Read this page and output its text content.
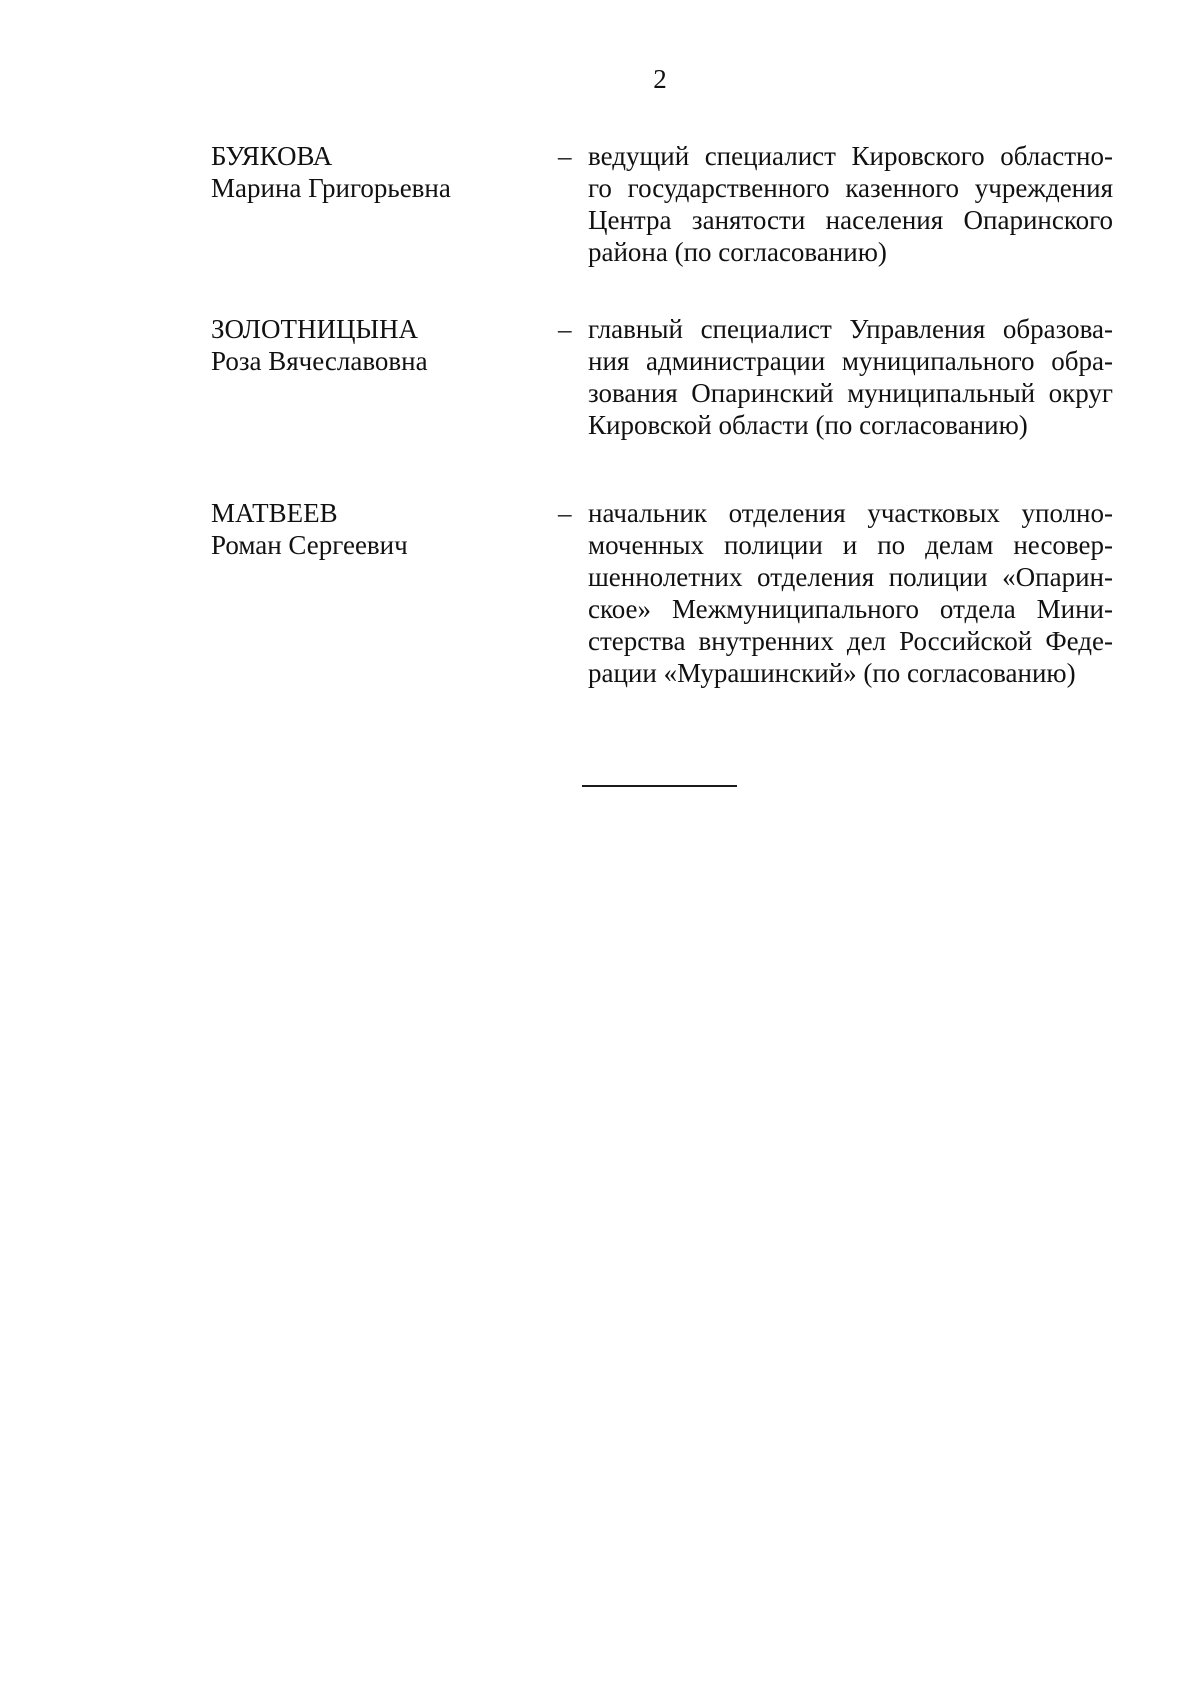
2
БУЯКОВА
Марина Григорьевна
– ведущий специалист Кировского областно-
го государственного казенного учреждения
Центра занятости населения Опаринского
района (по согласованию)
ЗОЛОТНИЦЫНА
Роза Вячеславовна
– главный специалист Управления образова-
ния администрации муниципального обра-
зования Опаринский муниципальный округ
Кировской области (по согласованию)
МАТВЕЕВ
Роман Сергеевич
– начальник отделения участковых уполно-
моченных полиции и по делам несовер-
шеннолетних отделения полиции «Опарин-
ское» Межмуниципального отдела Мини-
стерства внутренних дел Российской Феде-
рации «Мурашинский» (по согласованию)
